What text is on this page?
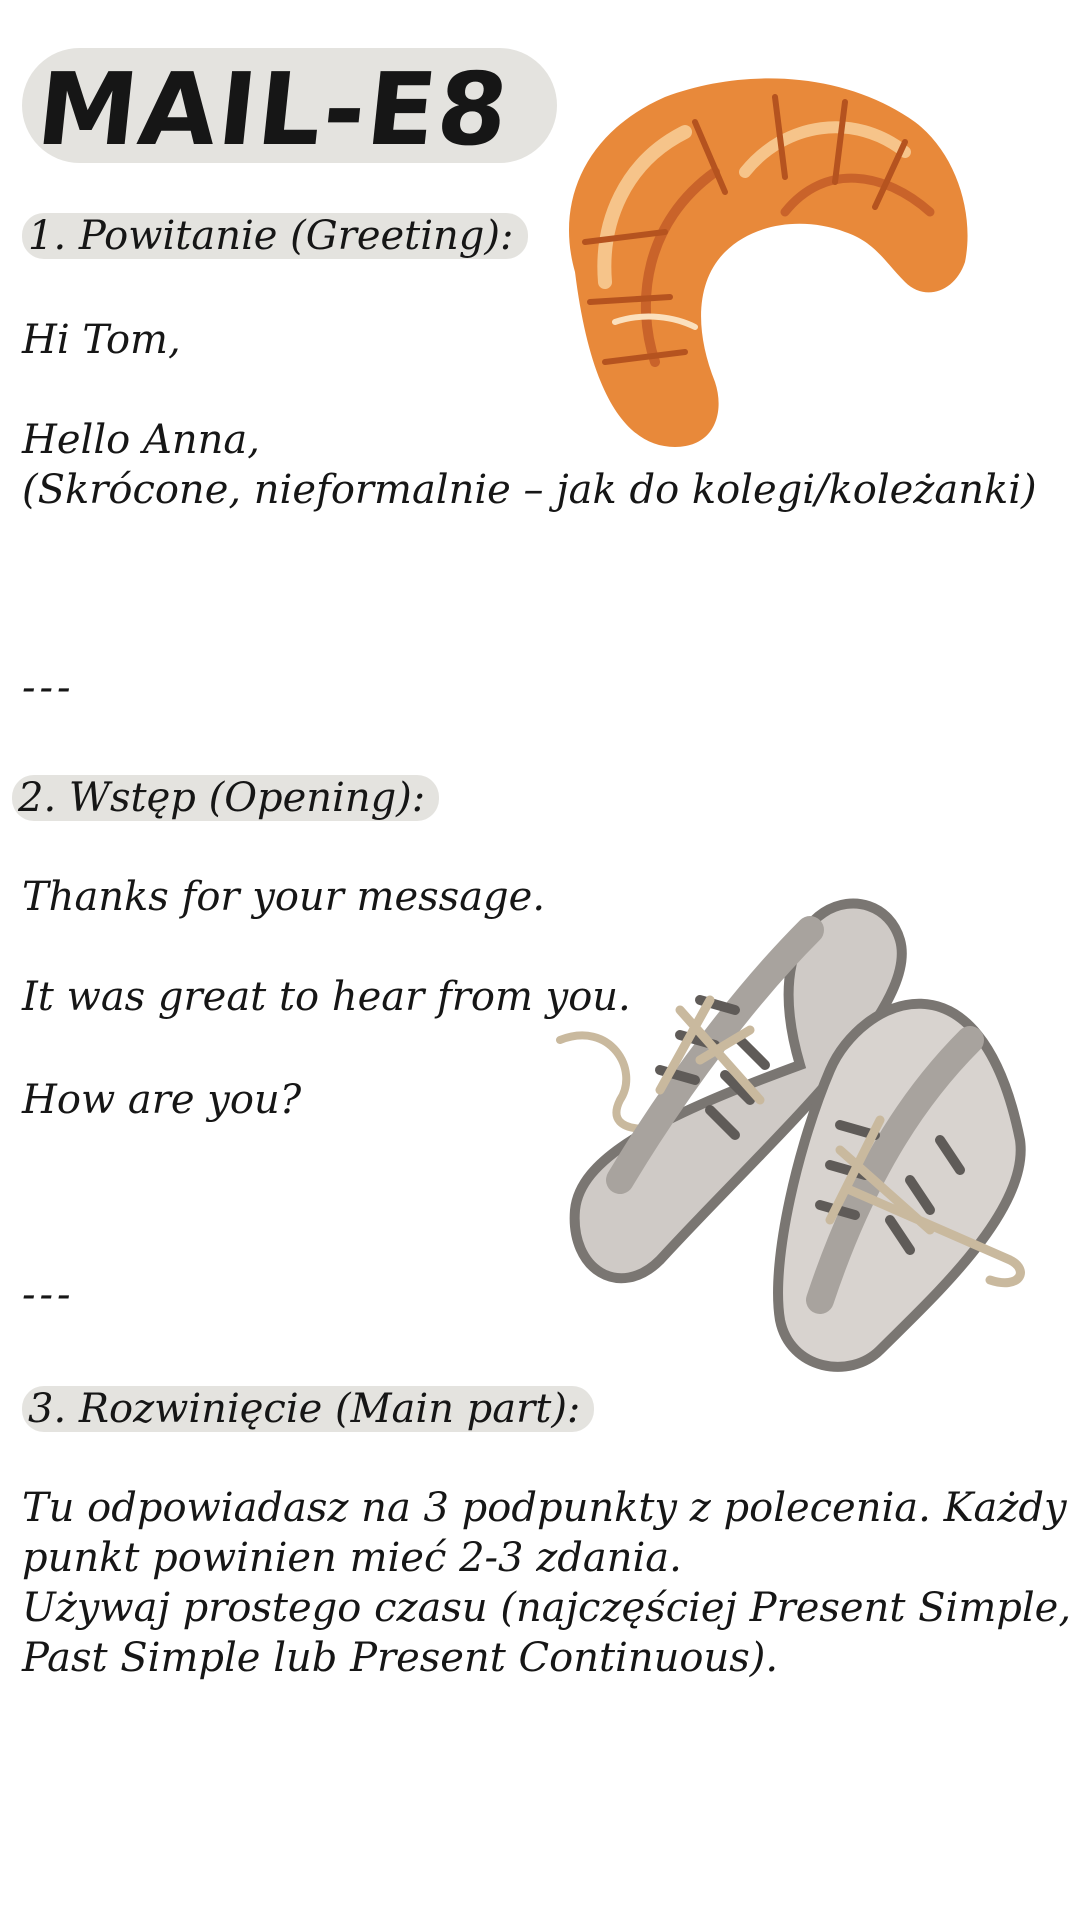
MAIL-E8
1. Powitanie (Greeting):
Hi Tom,
Hello Anna,
(Skrócone, nieformalnie – jak do kolegi/koleżanki)
---
2. Wstęp (Opening):
Thanks for your message.
It was great to hear from you.
How are you?
---
3. Rozwinięcie (Main part):
Tu odpowiadasz na 3 podpunkty z polecenia. Każdy
punkt powinien mieć 2-3 zdania.
Używaj prostego czasu (najczęściej Present Simple,
Past Simple lub Present Continuous).
